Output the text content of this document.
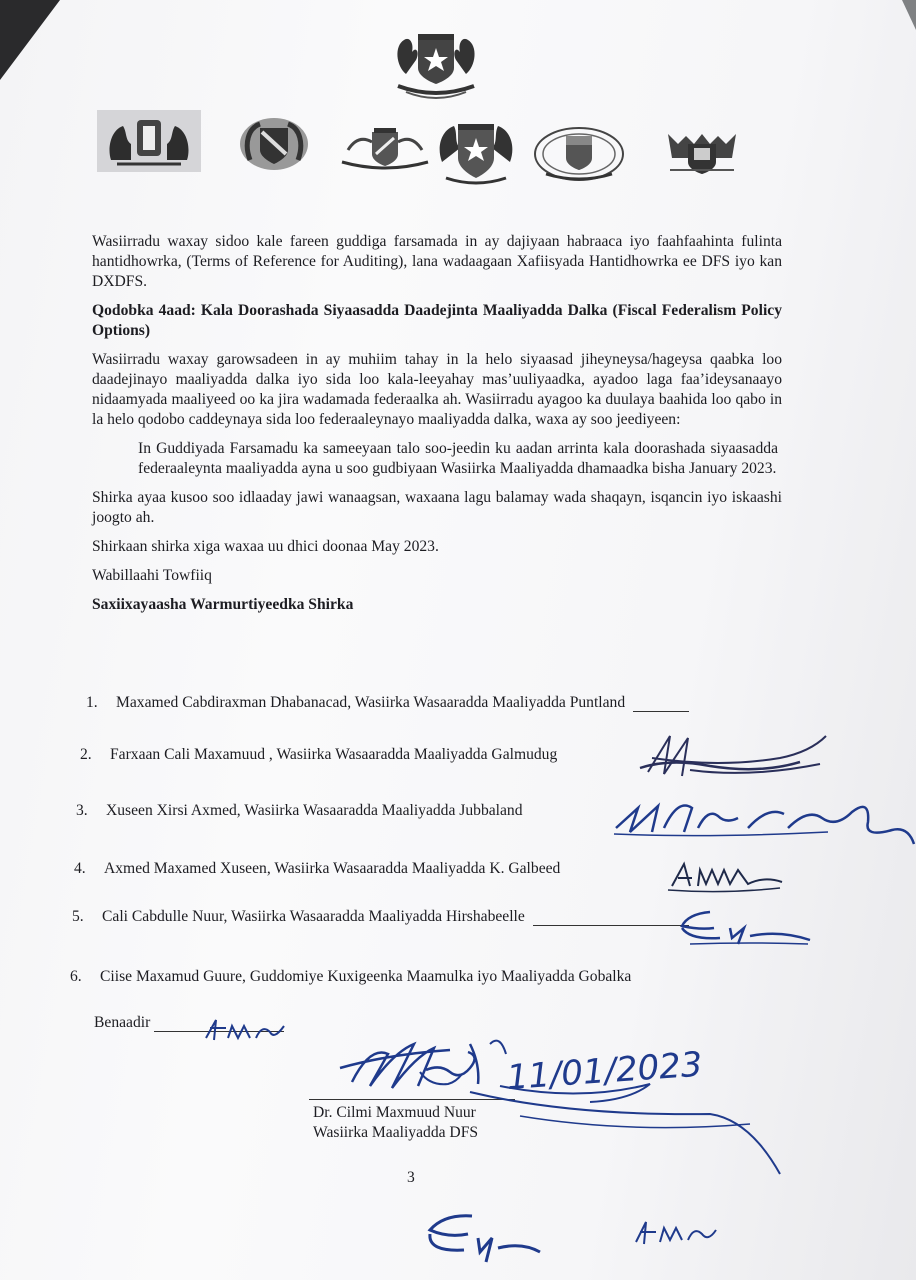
Wasiirradu waxay sidoo kale fareen guddiga farsamada in ay dajiyaan habraaca iyo faahfaahinta fulinta hantidhowrka, (Terms of Reference for Auditing), lana wadaagaan Xafiisyada Hantidhowrka ee DFS iyo kan DXDFS.

Qodobka 4aad: Kala Doorashada Siyaasadda Daadejinta Maaliyadda Dalka (Fiscal Federalism Policy Options)

Wasiirradu waxay garowsadeen in ay muhiim tahay in la helo siyaasad jiheyneysa/hageysa qaabka loo daadejinayo maaliyadda dalka iyo sida loo kala-leeyahay mas’uuliyaadka, ayadoo laga faa’ideysanaayo nidaamyada maaliyeed oo ka jira wadamada federaalka ah. Wasiirradu ayagoo ka duulaya baahida loo qabo in la helo qodobo caddeynaya sida loo federaaleynayo maaliyadda dalka, waxa ay soo jeediyeen:

In Guddiyada Farsamadu ka sameeyaan talo soo-jeedin ku aadan arrinta kala doorashada siyaasadda federaaleynta maaliyadda ayna u soo gudbiyaan Wasiirka Maaliyadda dhamaadka bisha January 2023.

Shirka ayaa kusoo soo idlaaday jawi wanaagsan, waxaana lagu balamay wada shaqayn, isqancin iyo iskaashi joogto ah.

Shirkaan shirka xiga waxaa uu dhici doonaa May 2023.

Wabillaahi Towfiiq

Saxiixayaasha Warmurtiyeedka Shirka

1. Maxamed Cabdiraxman Dhabanacad, Wasiirka Wasaaradda Maaliyadda Puntland
2. Farxaan Cali Maxamuud , Wasiirka Wasaaradda Maaliyadda Galmudug
3. Xuseen Xirsi Axmed, Wasiirka Wasaaradda Maaliyadda Jubbaland
4. Axmed Maxamed Xuseen, Wasiirka Wasaaradda Maaliyadda K. Galbeed
5. Cali Cabdulle Nuur, Wasiirka Wasaaradda Maaliyadda Hirshabeelle
6. Ciise Maxamud Guure, Guddomiye Kuxigeenka Maamulka iyo Maaliyadda Gobalka
Benaadir
Dr. Cilmi Maxmuud Nuur
Wasiirka Maaliyadda DFS
3
11/01/2023
